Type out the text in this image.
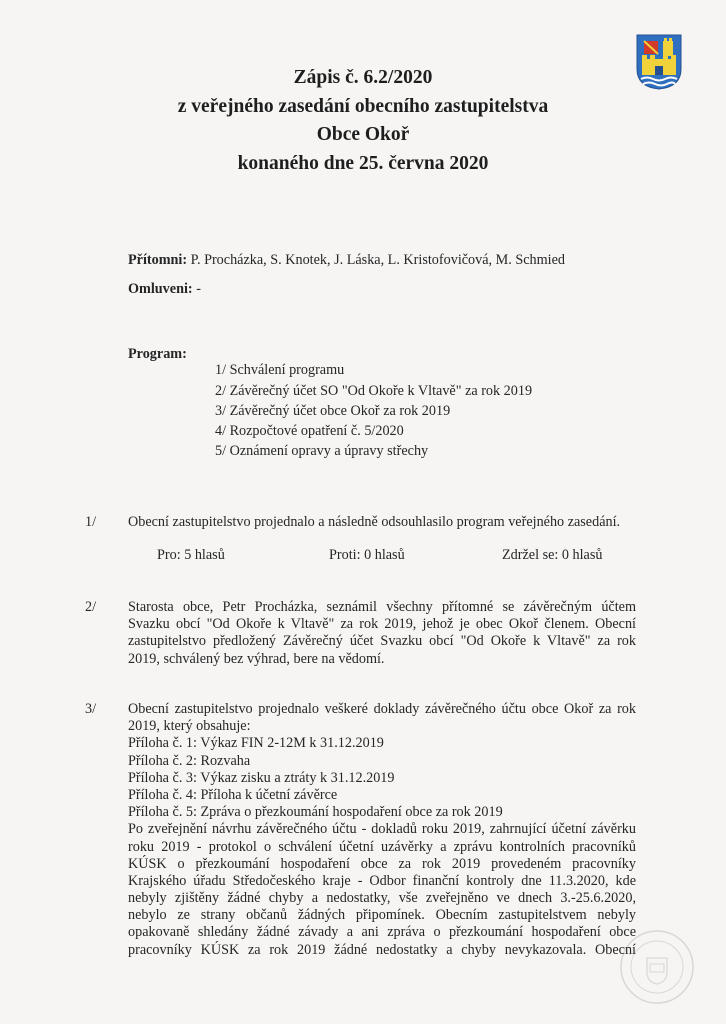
Zápis č. 6.2/2020
z veřejného zasedání obecního zastupitelstva
Obce Okoř
konaného dne 25. června 2020
Přítomni: P. Procházka, S. Knotek, J. Láska, L. Kristofovičová, M. Schmied
Omluveni: -
Program:
1/ Schválení programu
2/ Závěrečný účet SO "Od Okoře k Vltavě" za rok 2019
3/ Závěrečný účet obce Okoř za rok 2019
4/ Rozpočtové opatření č. 5/2020
5/ Oznámení opravy a úpravy střechy
1/ Obecní zastupitelstvo projednalo a následně odsouhlasilo program veřejného zasedání.
Pro: 5 hlasů	Proti: 0 hlasů	Zdržel se: 0 hlasů
2/ Starosta obce, Petr Procházka, seznámil všechny přítomné se závěrečným účtem
Svazku obcí "Od Okoře k Vltavě" za rok 2019, jehož je obec Okoř členem. Obecní
zastupitelstvo předložený Závěrečný účet Svazku obcí "Od Okoře k Vltavě" za rok
2019, schválený bez výhrad, bere na vědomí.
3/ Obecní zastupitelstvo projednalo veškeré doklady závěrečného účtu obce Okoř za rok
2019, který obsahuje:
Příloha č. 1: Výkaz FIN 2-12M k 31.12.2019
Příloha č. 2: Rozvaha
Příloha č. 3: Výkaz zisku a ztráty k 31.12.2019
Příloha č. 4: Příloha k účetní závěrce
Příloha č. 5: Zpráva o přezkoumání hospodaření obce za rok 2019
Po zveřejnění návrhu závěrečného účtu - dokladů roku 2019, zahrnující účetní závěrku
roku 2019 - protokol o schválení účetní uzávěrky a zprávu kontrolních pracovníků
KÚSK o přezkoumání hospodaření obce za rok 2019 provedeném pracovníky
Krajského úřadu Středočeského kraje - Odbor finanční kontroly dne 11.3.2020, kde
nebyly zjištěny žádné chyby a nedostatky, vše zveřejněno ve dnech 3.-25.6.2020,
nebylo ze strany občanů žádných připomínek. Obecním zastupitelstvem nebyly
opakovaně shledány žádné závady a ani zpráva o přezkoumání hospodaření obce
pracovníky KÚSK za rok 2019 žádné nedostatky a chyby nevykazovala. Obecní
